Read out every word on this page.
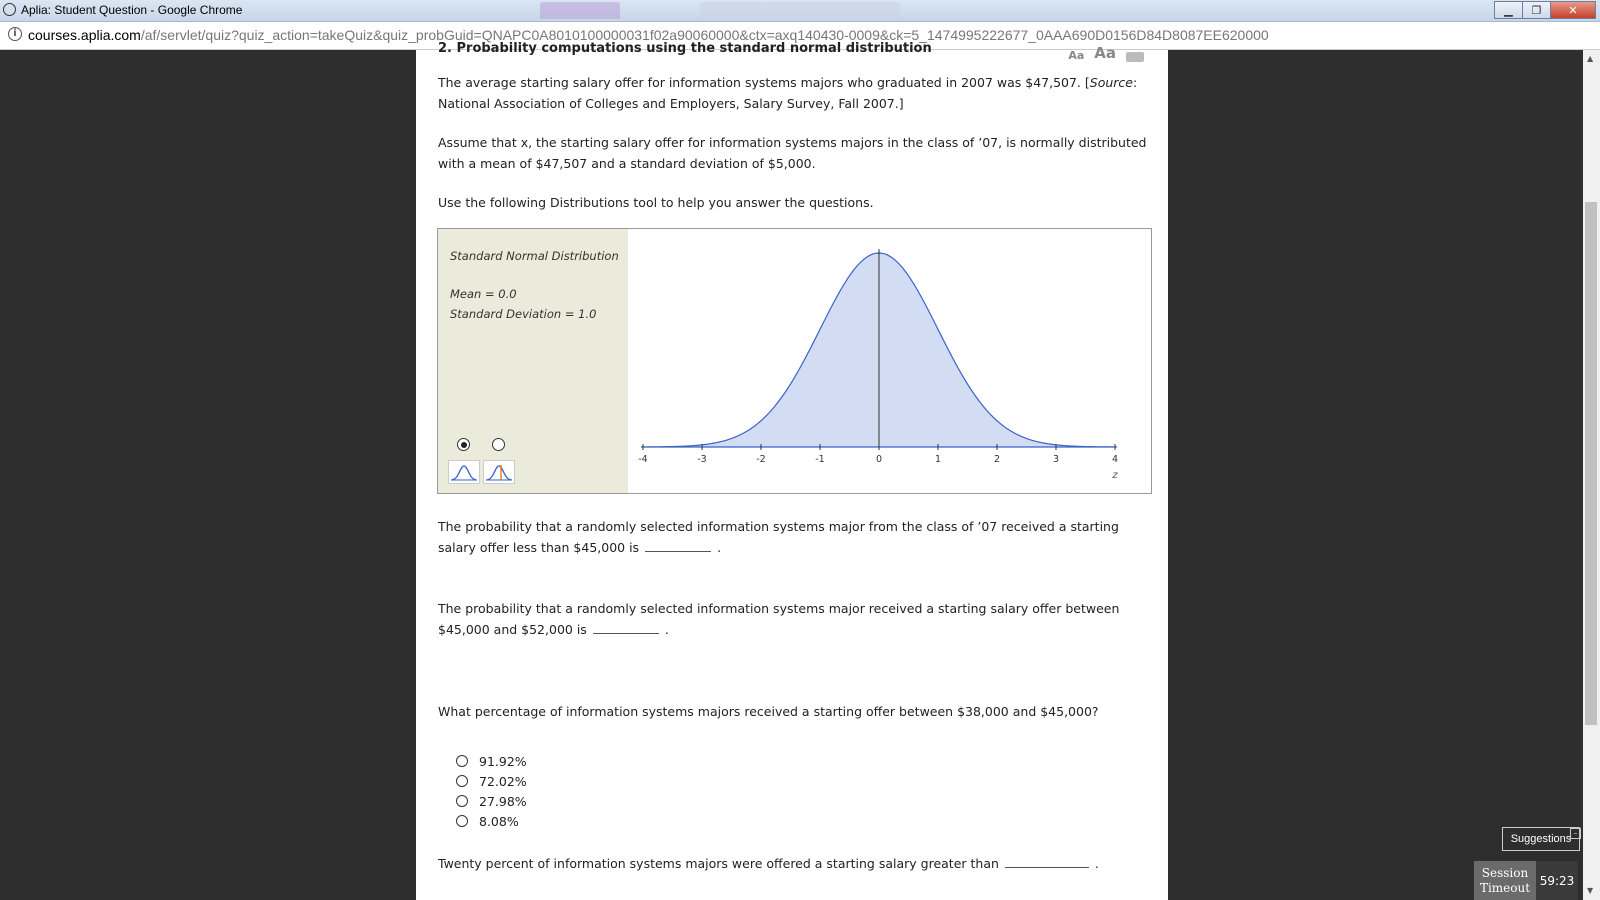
Aplia: Student Question - Google Chrome	▁	❐	✕
i courses.aplia.com/af/servlet/quiz?quiz_action=takeQuiz&quiz_probGuid=QNAPC0A8010100000031f02a90060000&ctx=axq140430-0009&ck=5_1474995222677_0AAA690D0156D84D8087EE620000
2. Probability computations using the standard normal distribution	Aa Aa
The average starting salary offer for information systems majors who graduated in 2007 was $47,507. [Source: National Association of Colleges and Employers, Salary Survey, Fall 2007.]
Assume that x, the starting salary offer for information systems majors in the class of ’07, is normally distributed with a mean of $47,507 and a standard deviation of $5,000.
Use the following Distributions tool to help you answer the questions.
Standard Normal Distribution
Mean = 0.0
Standard Deviation = 1.0
-4	-3	-2	-1	0	1	2	3	4
z
The probability that a randomly selected information systems major from the class of ’07 received a starting salary offer less than $45,000 is	.
The probability that a randomly selected information systems major received a starting salary offer between $45,000 and $52,000 is	.
What percentage of information systems majors received a starting offer between $38,000 and $45,000?
91.92%
72.02%
27.98%
8.08%
Twenty percent of information systems majors were offered a starting salary greater than	.
▲
▼
Suggestions –
Session
Timeout
59:23
